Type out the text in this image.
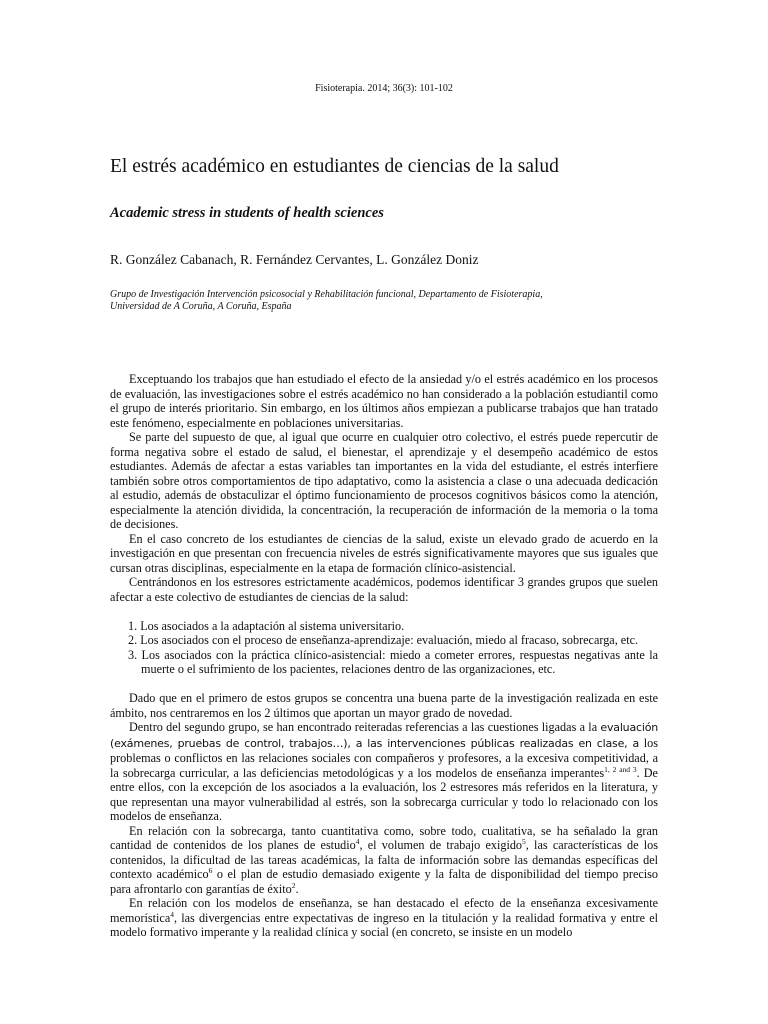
Fisioterapia. 2014; 36(3): 101-102
El estrés académico en estudiantes de ciencias de la salud
Academic stress in students of health sciences
R. González Cabanach, R. Fernández Cervantes, L. González Doniz
Grupo de Investigación Intervención psicosocial y Rehabilitación funcional, Departamento de Fisioterapia,
Universidad de A Coruña, A Coruña, España

Exceptuando los trabajos que han estudiado el efecto de la ansiedad y/o el estrés académico en los procesos de evaluación, las investigaciones sobre el estrés académico no han considerado a la población estudiantil como el grupo de interés prioritario. Sin embargo, en los últimos años empiezan a publicarse trabajos que han tratado este fenómeno, especialmente en poblaciones universitarias.

Se parte del supuesto de que, al igual que ocurre en cualquier otro colectivo, el estrés puede repercutir de forma negativa sobre el estado de salud, el bienestar, el aprendizaje y el desempeño académico de estos estudiantes. Además de afectar a estas variables tan importantes en la vida del estudiante, el estrés interfiere también sobre otros comportamientos de tipo adaptativo, como la asistencia a clase o una adecuada dedicación al estudio, además de obstaculizar el óptimo funcionamiento de procesos cognitivos básicos como la atención, especialmente la atención dividida, la concentración, la recuperación de información de la memoria o la toma de decisiones.

En el caso concreto de los estudiantes de ciencias de la salud, existe un elevado grado de acuerdo en la investigación en que presentan con frecuencia niveles de estrés significativamente mayores que sus iguales que cursan otras disciplinas, especialmente en la etapa de formación clínico-asistencial.

Centrándonos en los estresores estrictamente académicos, podemos identificar 3 grandes grupos que suelen afectar a este colectivo de estudiantes de ciencias de la salud:

1. Los asociados a la adaptación al sistema universitario.
2. Los asociados con el proceso de enseñanza-aprendizaje: evaluación, miedo al fracaso, sobrecarga, etc.
3. Los asociados con la práctica clínico-asistencial: miedo a cometer errores, respuestas negativas ante la muerte o el sufrimiento de los pacientes, relaciones dentro de las organizaciones, etc.

Dado que en el primero de estos grupos se concentra una buena parte de la investigación realizada en este ámbito, nos centraremos en los 2 últimos que aportan un mayor grado de novedad.

Dentro del segundo grupo, se han encontrado reiteradas referencias a las cuestiones ligadas a la evaluación (exámenes, pruebas de control, trabajos…), a las intervenciones públicas realizadas en clase, a los problemas o conflictos en las relaciones sociales con compañeros y profesores, a la excesiva competitividad, a la sobrecarga curricular, a las deficiencias metodológicas y a los modelos de enseñanza imperantes$^{1, 2 and 3}$. De entre ellos, con la excepción de los asociados a la evaluación, los 2 estresores más referidos en la literatura, y que representan una mayor vulnerabilidad al estrés, son la sobrecarga curricular y todo lo relacionado con los modelos de enseñanza.

En relación con la sobrecarga, tanto cuantitativa como, sobre todo, cualitativa, se ha señalado la gran cantidad de contenidos de los planes de estudio$^4$, el volumen de trabajo exigido$^5$, las características de los contenidos, la dificultad de las tareas académicas, la falta de información sobre las demandas específicas del contexto académico$^6$ o el plan de estudio demasiado exigente y la falta de disponibilidad del tiempo preciso para afrontarlo con garantías de éxito$^2$.

En relación con los modelos de enseñanza, se han destacado el efecto de la enseñanza excesivamente memorística$^4$, las divergencias entre expectativas de ingreso en la titulación y la realidad formativa y entre el modelo formativo imperante y la realidad clínica y social (en concreto, se insiste en un modelo
